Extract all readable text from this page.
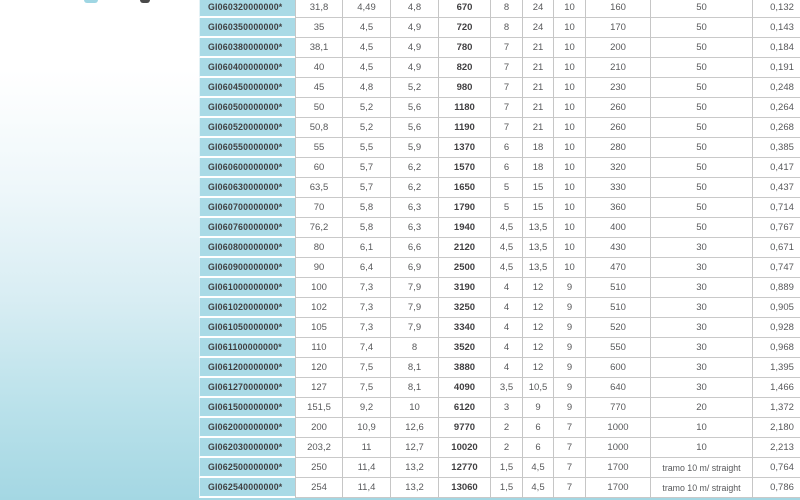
GI060320000000*	31,8	4,49	4,8	670	8	24	10	160	50	0,132
GI060350000000*	35	4,5	4,9	720	8	24	10	170	50	0,143
GI060380000000*	38,1	4,5	4,9	780	7	21	10	200	50	0,184
GI060400000000*	40	4,5	4,9	820	7	21	10	210	50	0,191
GI060450000000*	45	4,8	5,2	980	7	21	10	230	50	0,248
GI060500000000*	50	5,2	5,6	1180	7	21	10	260	50	0,264
GI060520000000*	50,8	5,2	5,6	1190	7	21	10	260	50	0,268
GI060550000000*	55	5,5	5,9	1370	6	18	10	280	50	0,385
GI060600000000*	60	5,7	6,2	1570	6	18	10	320	50	0,417
GI060630000000*	63,5	5,7	6,2	1650	5	15	10	330	50	0,437
GI060700000000*	70	5,8	6,3	1790	5	15	10	360	50	0,714
GI060760000000*	76,2	5,8	6,3	1940	4,5	13,5	10	400	50	0,767
GI060800000000*	80	6,1	6,6	2120	4,5	13,5	10	430	30	0,671
GI060900000000*	90	6,4	6,9	2500	4,5	13,5	10	470	30	0,747
GI061000000000*	100	7,3	7,9	3190	4	12	9	510	30	0,889
GI061020000000*	102	7,3	7,9	3250	4	12	9	510	30	0,905
GI061050000000*	105	7,3	7,9	3340	4	12	9	520	30	0,928
GI061100000000*	110	7,4	8	3520	4	12	9	550	30	0,968
GI061200000000*	120	7,5	8,1	3880	4	12	9	600	30	1,395
GI061270000000*	127	7,5	8,1	4090	3,5	10,5	9	640	30	1,466
GI061500000000*	151,5	9,2	10	6120	3	9	9	770	20	1,372
GI062000000000*	200	10,9	12,6	9770	2	6	7	1000	10	2,180
GI062030000000*	203,2	11	12,7	10020	2	6	7	1000	10	2,213
GI062500000000*	250	11,4	13,2	12770	1,5	4,5	7	1700	tramo 10 m/ straight	0,764
GI062540000000*	254	11,4	13,2	13060	1,5	4,5	7	1700	tramo 10 m/ straight	0,786
